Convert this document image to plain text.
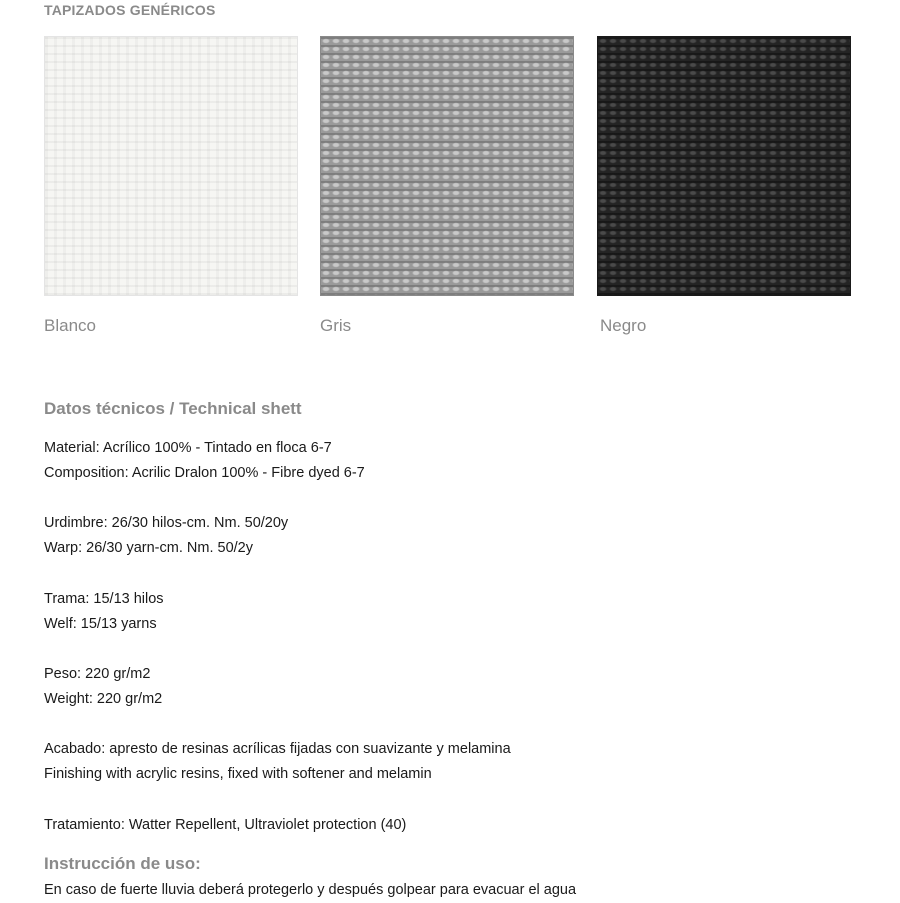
TAPIZADOS GENÉRICOS
Blanco	Gris	Negro
Datos técnicos / Technical shett
Material: Acrílico 100% - Tintado en floca 6-7
Composition: Acrilic Dralon 100% - Fibre dyed 6-7
Urdimbre: 26/30 hilos-cm. Nm. 50/20y
Warp: 26/30 yarn-cm. Nm. 50/2y
Trama: 15/13 hilos
Welf: 15/13 yarns
Peso: 220 gr/m2
Weight: 220 gr/m2
Acabado: apresto de resinas acrílicas fijadas con suavizante y melamina
Finishing with acrylic resins, fixed with softener and melamin
Tratamiento: Watter Repellent, Ultraviolet protection (40)
Instrucción de uso:
En caso de fuerte lluvia deberá protegerlo y después golpear para evacuar el agua
